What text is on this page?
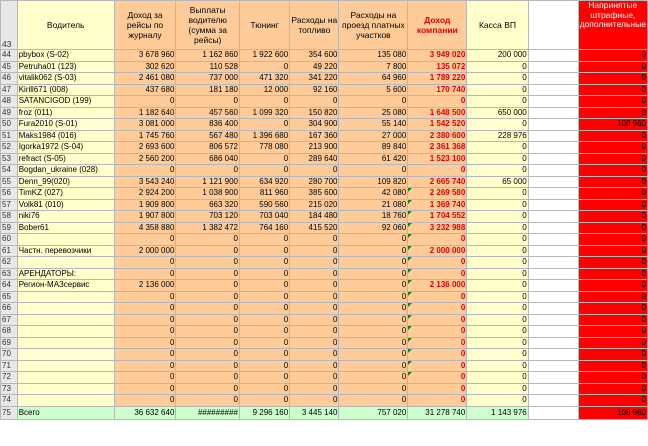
43	Водитель	Доход за рейсы по журналу	Выплаты водителю (сумма за рейсы)	Тюнинг	Расходы на топливо	Расходы на проезд платных участков	Доход компании	Касса ВП		Напринятые штрафные, дополнительные
44	pbybox (S-02)	3 678 960	1 162 860	1 922 600	354 600	135 080	3 949 020	200 000		0
45	Petruha01 (123)	302 620	110 528	0	49 220	7 800	135 072	0		0
46	vitalik062 (S-03)	2 461 080	737 000	471 320	341 220	64 960	1 789 220	0		0
47	Kirill671 (008)	437 680	181 180	12 000	92 160	5 600	170 740	0		0
48	SATANCIGOD (199)	0	0	0	0	0	0	0		0
49	froz (011)	1 182 640	457 560	1 099 320	150 820	25 080	1 648 500	650 000		0
50	Fura2010 (S-01)	3 081 000	836 400	0	304 900	55 140	1 542 520	0		108 960
51	Maks1984 (016)	1 745 760	567 480	1 396 680	167 360	27 000	2 380 600	228 976		0
52	Igorka1972 (S-04)	2 693 600	806 572	778 080	213 900	89 840	2 361 368	0		0
53	refract (S-05)	2 560 200	686 040	0	289 640	61 420	1 523 100	0		0
54	Bogdan_ukraine (028)	0	0	0	0	0	0	0		0
55	Denn_99(020)	3 543 240	1 121 900	634 920	280 700	109 820	2 665 740	65 000		0
56	TimKZ (027)	2 924 200	1 038 900	811 960	385 600	42 080	2 269 580	0		0
57	Volk81 (010)	1 909 800	663 320	590 560	215 020	21 080	1 369 740	0		0
58	niki76	1 907 800	703 120	703 040	184 480	18 760	1 704 552	0		0
59	Bober61	4 358 880	1 382 472	764 160	415 520	92 060	3 232 988	0		0
60		0	0	0	0	0	0	0		0
61	Частн. перевозчики	2 000 000	0	0	0	0	2 000 000	0		0
62		0	0	0	0	0	0	0		0
63	АРЕНДАТОРЫ:	0	0	0	0	0	0	0		0
64	Регион-МАЗсервис	2 136 000	0	0	0	0	2 136 000	0		0
65		0	0	0	0	0	0	0		0
66		0	0	0	0	0	0	0		0
67		0	0	0	0	0	0	0		0
68		0	0	0	0	0	0	0		0
69		0	0	0	0	0	0	0		0
70		0	0	0	0	0	0	0		0
71		0	0	0	0	0	0	0		0
72		0	0	0	0	0	0	0		0
73		0	0	0	0	0	0	0		0
74		0	0	0	0	0	0	0		0
75	Всего	36 632 640	#########	9 296 160	3 445 140	757 020	31 278 740	1 143 976		108 960
